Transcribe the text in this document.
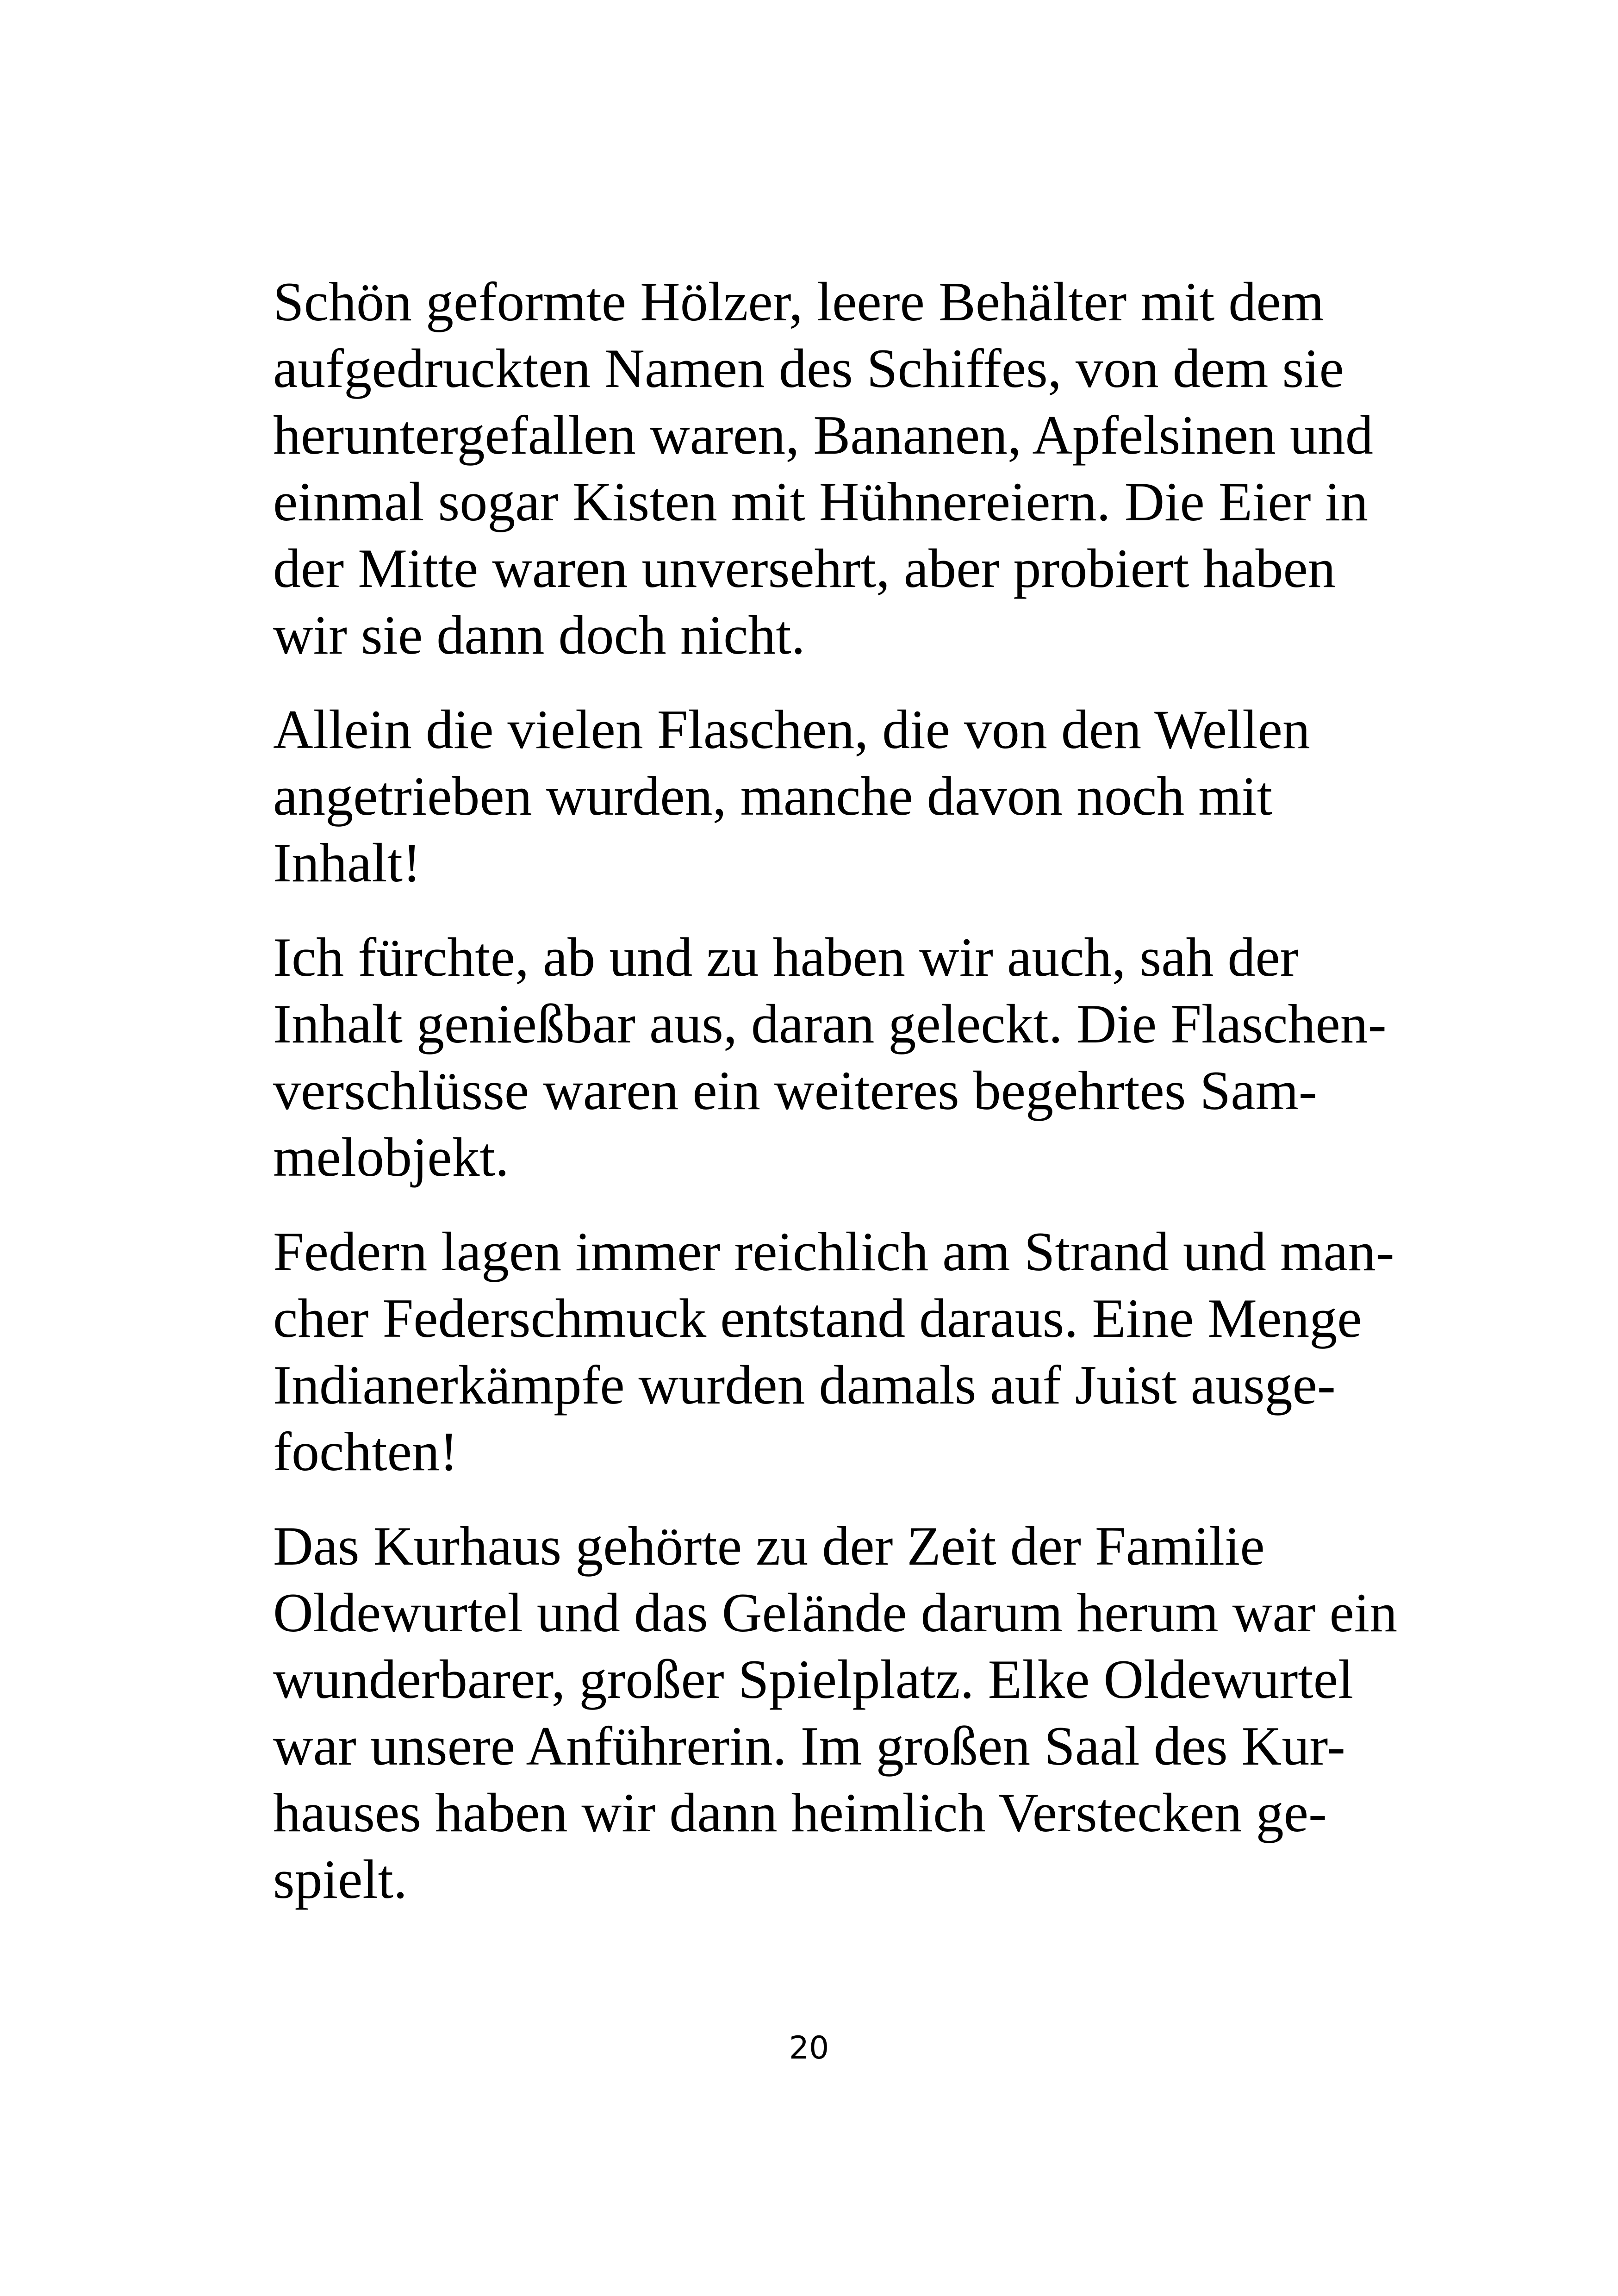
Schön geformte Hölzer, leere Behälter mit dem
aufgedruckten Namen des Schiffes, von dem sie
heruntergefallen waren, Bananen, Apfelsinen und
einmal sogar Kisten mit Hühnereiern. Die Eier in
der Mitte waren unversehrt, aber probiert haben
wir sie dann doch nicht.

Allein die vielen Flaschen, die von den Wellen
angetrieben wurden, manche davon noch mit
Inhalt!

Ich fürchte, ab und zu haben wir auch, sah der
Inhalt genießbar aus, daran geleckt. Die Flaschen-
verschlüsse waren ein weiteres begehrtes Sam-
melobjekt.

Federn lagen immer reichlich am Strand und man-
cher Federschmuck entstand daraus. Eine Menge
Indianerkämpfe wurden damals auf Juist ausge-
fochten!

Das Kurhaus gehörte zu der Zeit der Familie
Oldewurtel und das Gelände darum herum war ein
wunderbarer, großer Spielplatz. Elke Oldewurtel
war unsere Anführerin. Im großen Saal des Kur-
hauses haben wir dann heimlich Verstecken ge-
spielt.

20
